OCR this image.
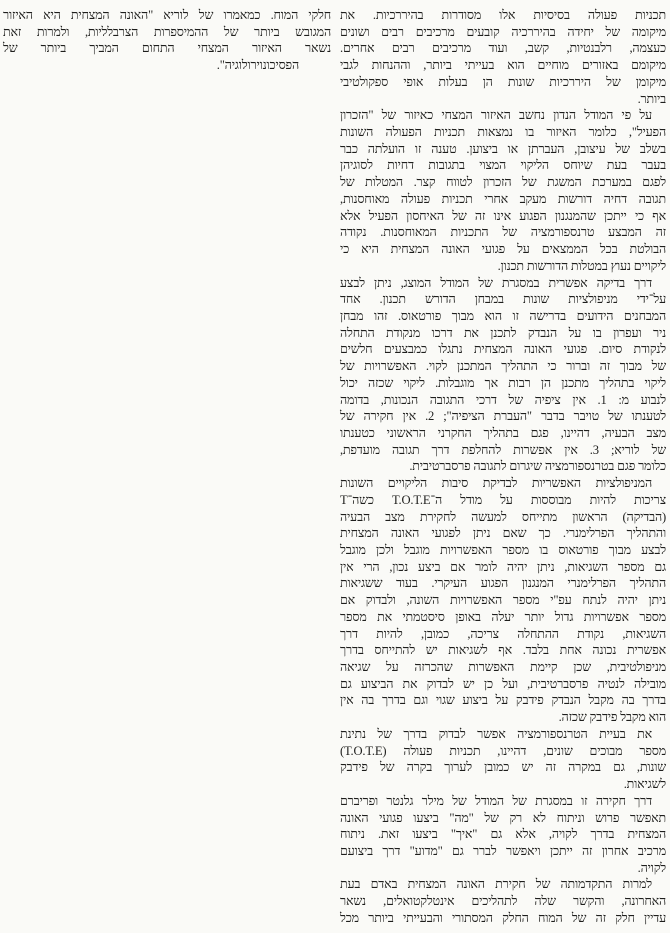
תכניות פעולה בסיסיות אלו מסודרות בהיררכיות. את
מיקומה של יחידה בהיררכיה קובעים מרכיבים רבים ושונים
כעצמה, רלבנטיות, קשב, ועוד מרכיבים רבים אחרים.
מיקומם באזורים מוחיים הוא בעייתי ביותר, וההנחות לגבי
מיקומן של היררכיות שונות הן בעלות אופי ספקולטיבי
ביותר.
על פי המודל הנדון נחשב האיזור המצחי כאיזור של "הזכרון
הפעיל", כלומר האיזור בו נמצאות תכניות הפעולה השונות
בשלב של עיצובן, העברתן או ביצוען. טענה זו הועלתה כבר
בעבר בעת שיוחס הליקוי המצוי בתגובות דחיות לסוגיהן
לפגם במערכת המשגת של הזכרון לטווח קצר. המטלות של
תגובה דחיה דורשות מעקב אחרי תכניות פעולה מאוחסנות,
אף כי ייתכן שהמנגנון הפגוע אינו זה של האיחסון הפעיל אלא
זה המבצע טרנספורמציה של התכניות המאוחסנות. נקודה
הבולטת בכל הממצאים על פגועי האונה המצחית היא כי
ליקויים נעוץ במטלות הדורשות תכנון.
דרך בדיקה אפשרית במסגרת של המודל המוצג, ניתן לבצע
על־ידי מניפולציות שונות במבחן הדורש תכנון. אחד
המבחנים הידועים בדרישה זו הוא מבוך פורטאוס. זהו מבחן
ניר ועפרון בו על הנבדק לתכנן את דרכו מנקודת התחלה
לנקודת סיום. פגועי האונה המצחית נתגלו כמבצעים חלשים
של מבוך זה וברור כי התהליך המתכנן לקוי. האפשרויות של
ליקוי בתהליך מתכנן הן רבות אך מוגבלות. ליקוי שכזה יכול
לנבוע מ: 1. אין ציפיה של דרכי התגובה הנכונות, בדומה
לטענתו של טויבר בדבר "העברת הציפיה"; 2. אין חקירה של
מצב הבעיה, דהיינו, פגם בתהליך החקרני הראשוני כטענתו
של לוריא; 3. אין אפשרות להחלפת דרך תגובה מועדפת,
כלומר פגם בטרנספורמציה שיגרום לתגובה פרסברטיבית.
המניפולציות האפשריות לבדיקת סיבות הליקויים השונות
צריכות להיות מבוססות על מודל ה־T.O.T.E כשה־T
(הבדיקה) הראשון מתייחס למעשה לחקירת מצב הבעיה
והתהליך הפרלימנרי. כך שאם ניתן לפגועי האונה המצחית
לבצע מבוך פורטאוס בו מספר האפשרויות מוגבל ולכן מוגבל
גם מספר השגיאות, ניתן יהיה לומר אם ביצע נכון, הרי אין
התהליך הפרלימנרי המנגנון הפגוע העיקרי. בעוד ששגיאות
ניתן יהיה לנתח עפ"י מספר האפשרויות השונה, ולבדוק אם
מספר אפשרויות גדול יותר יעלה באופן סיסטמתי את מספר
השגיאות, נקודת ההתחלה צריכה, כמובן, להיות דרך
אפשרית נכונה אחת בלבד. אף לשגיאות יש להתייחס בדרך
מניפולטיבית, שכן קיימת האפשרות שהכרזה על שגיאה
מובילה לנטיה פרסברטיבית, ועל כן יש לבדוק את הביצוע גם
בדרך בה מקבל הנבדק פידבק על ביצוע שגוי וגם בדרך בה אין
הוא מקבל פידבק שכזה.
את בעיית הטרנספורמציה אפשר לבדוק בדרך של נתינת
מספר מבוכים שונים, דהיינו, תכניות פעולה (T.O.T.E)
שונות, גם במקרה זה יש כמובן לערוך בקרה של פידבק
לשגיאות.
דרך חקירה זו במסגרת של המודל של מילר גלנטר ופריברם
תאפשר פרוש וניתוח לא רק של "מה" ביצעו פגועי האונה
המצחית בדרך לקויה, אלא גם "איך" ביצעו זאת. ניתוח
מרכיב אחרון זה ייתכן ויאפשר לברר גם "מדוע" דרך ביצועם
לקויה.
למרות התקדמותה של חקירת האונה המצחית באדם בעת
האחרונה, והקשר שלה לתהליכים אינטלקטואלים, נשאר
עדיין חלק זה של המוח החלק המסתורי והבעייתי ביותר מכל
חלקי המוח. כמאמרו של לוריא "האונה המצחית היא האיזור
המגובש ביותר של ההמיספרות הצרבלליות, ולמרות זאת
נשאר האיזור המצחי התחום המביך ביותר של
הפסיכונוירולוגיה".
